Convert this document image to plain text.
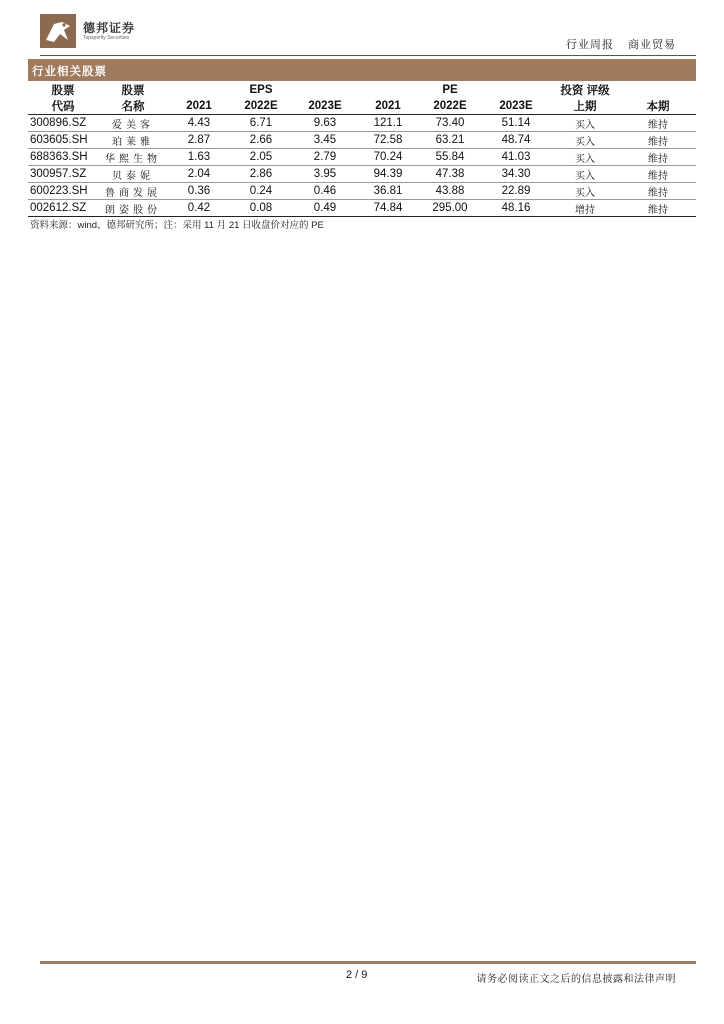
德邦证券
Topsperity Securities
行业周报 商业贸易
行业相关股票
股票	股票		EPS			PE		投资 评级	
代码	名称	2021	2022E	2023E	2021	2022E	2023E	上期	本期
300896.SZ	爱美客	4.43	6.71	9.63	121.1	73.40	51.14	买入	维持
603605.SH	珀莱雅	2.87	2.66	3.45	72.58	63.21	48.74	买入	维持
688363.SH	华熙生物	1.63	2.05	2.79	70.24	55.84	41.03	买入	维持
300957.SZ	贝泰妮	2.04	2.86	3.95	94.39	47.38	34.30	买入	维持
600223.SH	鲁商发展	0.36	0.24	0.46	36.81	43.88	22.89	买入	维持
002612.SZ	朗姿股份	0.42	0.08	0.49	74.84	295.00	48.16	增持	维持
资料来源：wind、德邦研究所；注：采用 11 月 21 日收盘价对应的 PE
2 / 9	请务必阅读正文之后的信息披露和法律声明
